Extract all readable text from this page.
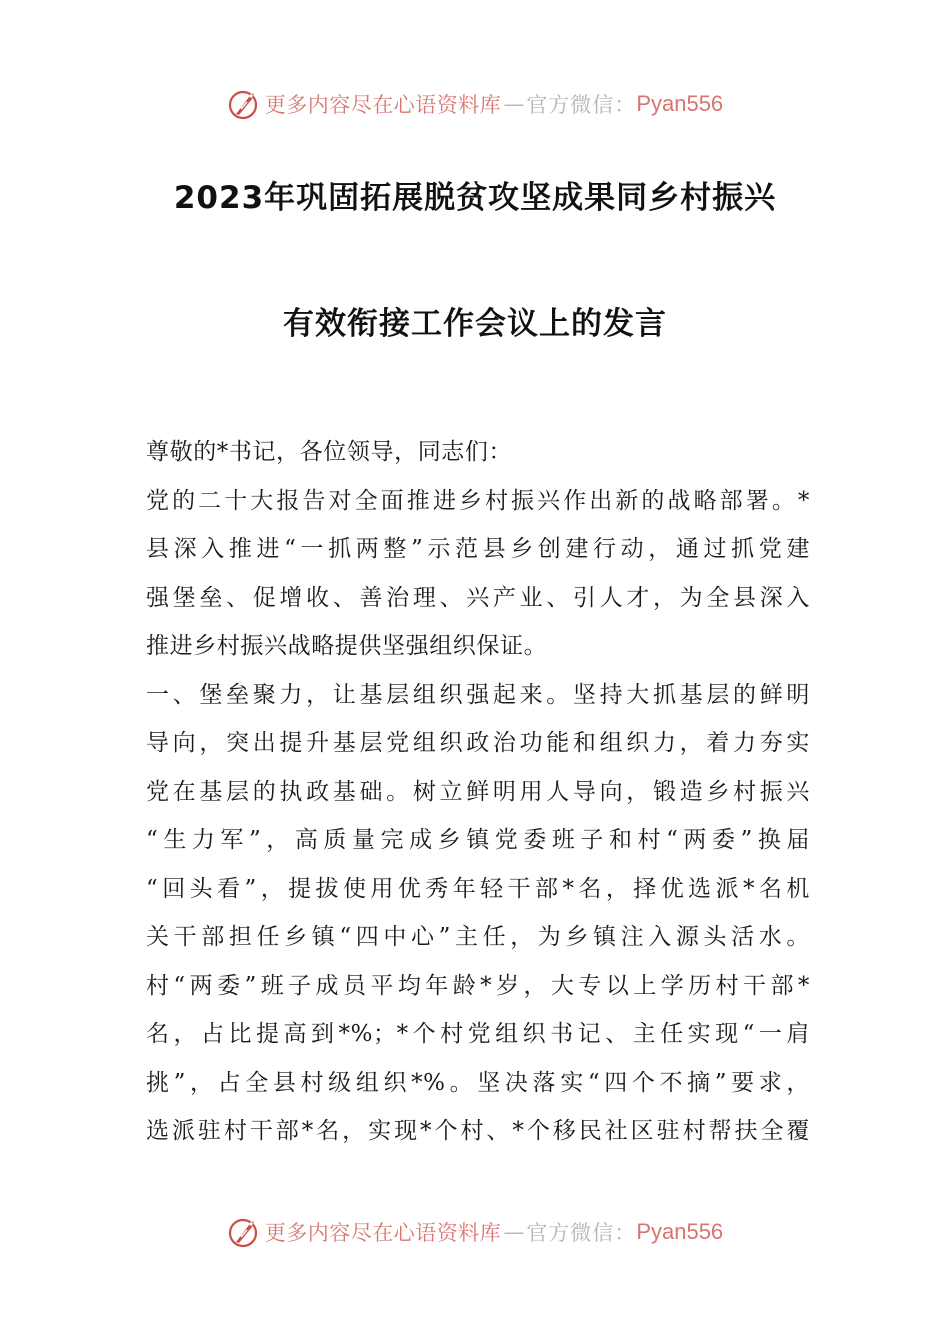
更多内容尽在心语资料库 — 官方微信： Pyan556
2023年巩固拓展脱贫攻坚成果同乡村振兴
有效衔接工作会议上的发言
尊敬的*书记，各位领导，同志们：
党的二十大报告对全面推进乡村振兴作出新的战略部署。*
县深入推进“一抓两整”示范县乡创建行动，通过抓党建
强堡垒、促增收、善治理、兴产业、引人才，为全县深入
推进乡村振兴战略提供坚强组织保证。
一、堡垒聚力，让基层组织强起来。坚持大抓基层的鲜明
导向，突出提升基层党组织政治功能和组织力，着力夯实
党在基层的执政基础。树立鲜明用人导向，锻造乡村振兴
“生力军”，高质量完成乡镇党委班子和村“两委”换届
“回头看”，提拔使用优秀年轻干部*名，择优选派*名机
关干部担任乡镇“四中心”主任，为乡镇注入源头活水。
村“两委”班子成员平均年龄*岁，大专以上学历村干部*
名，占比提高到*%；*个村党组织书记、主任实现“一肩
挑”，占全县村级组织*%。坚决落实“四个不摘”要求，
选派驻村干部*名，实现*个村、*个移民社区驻村帮扶全覆
更多内容尽在心语资料库 — 官方微信： Pyan556
